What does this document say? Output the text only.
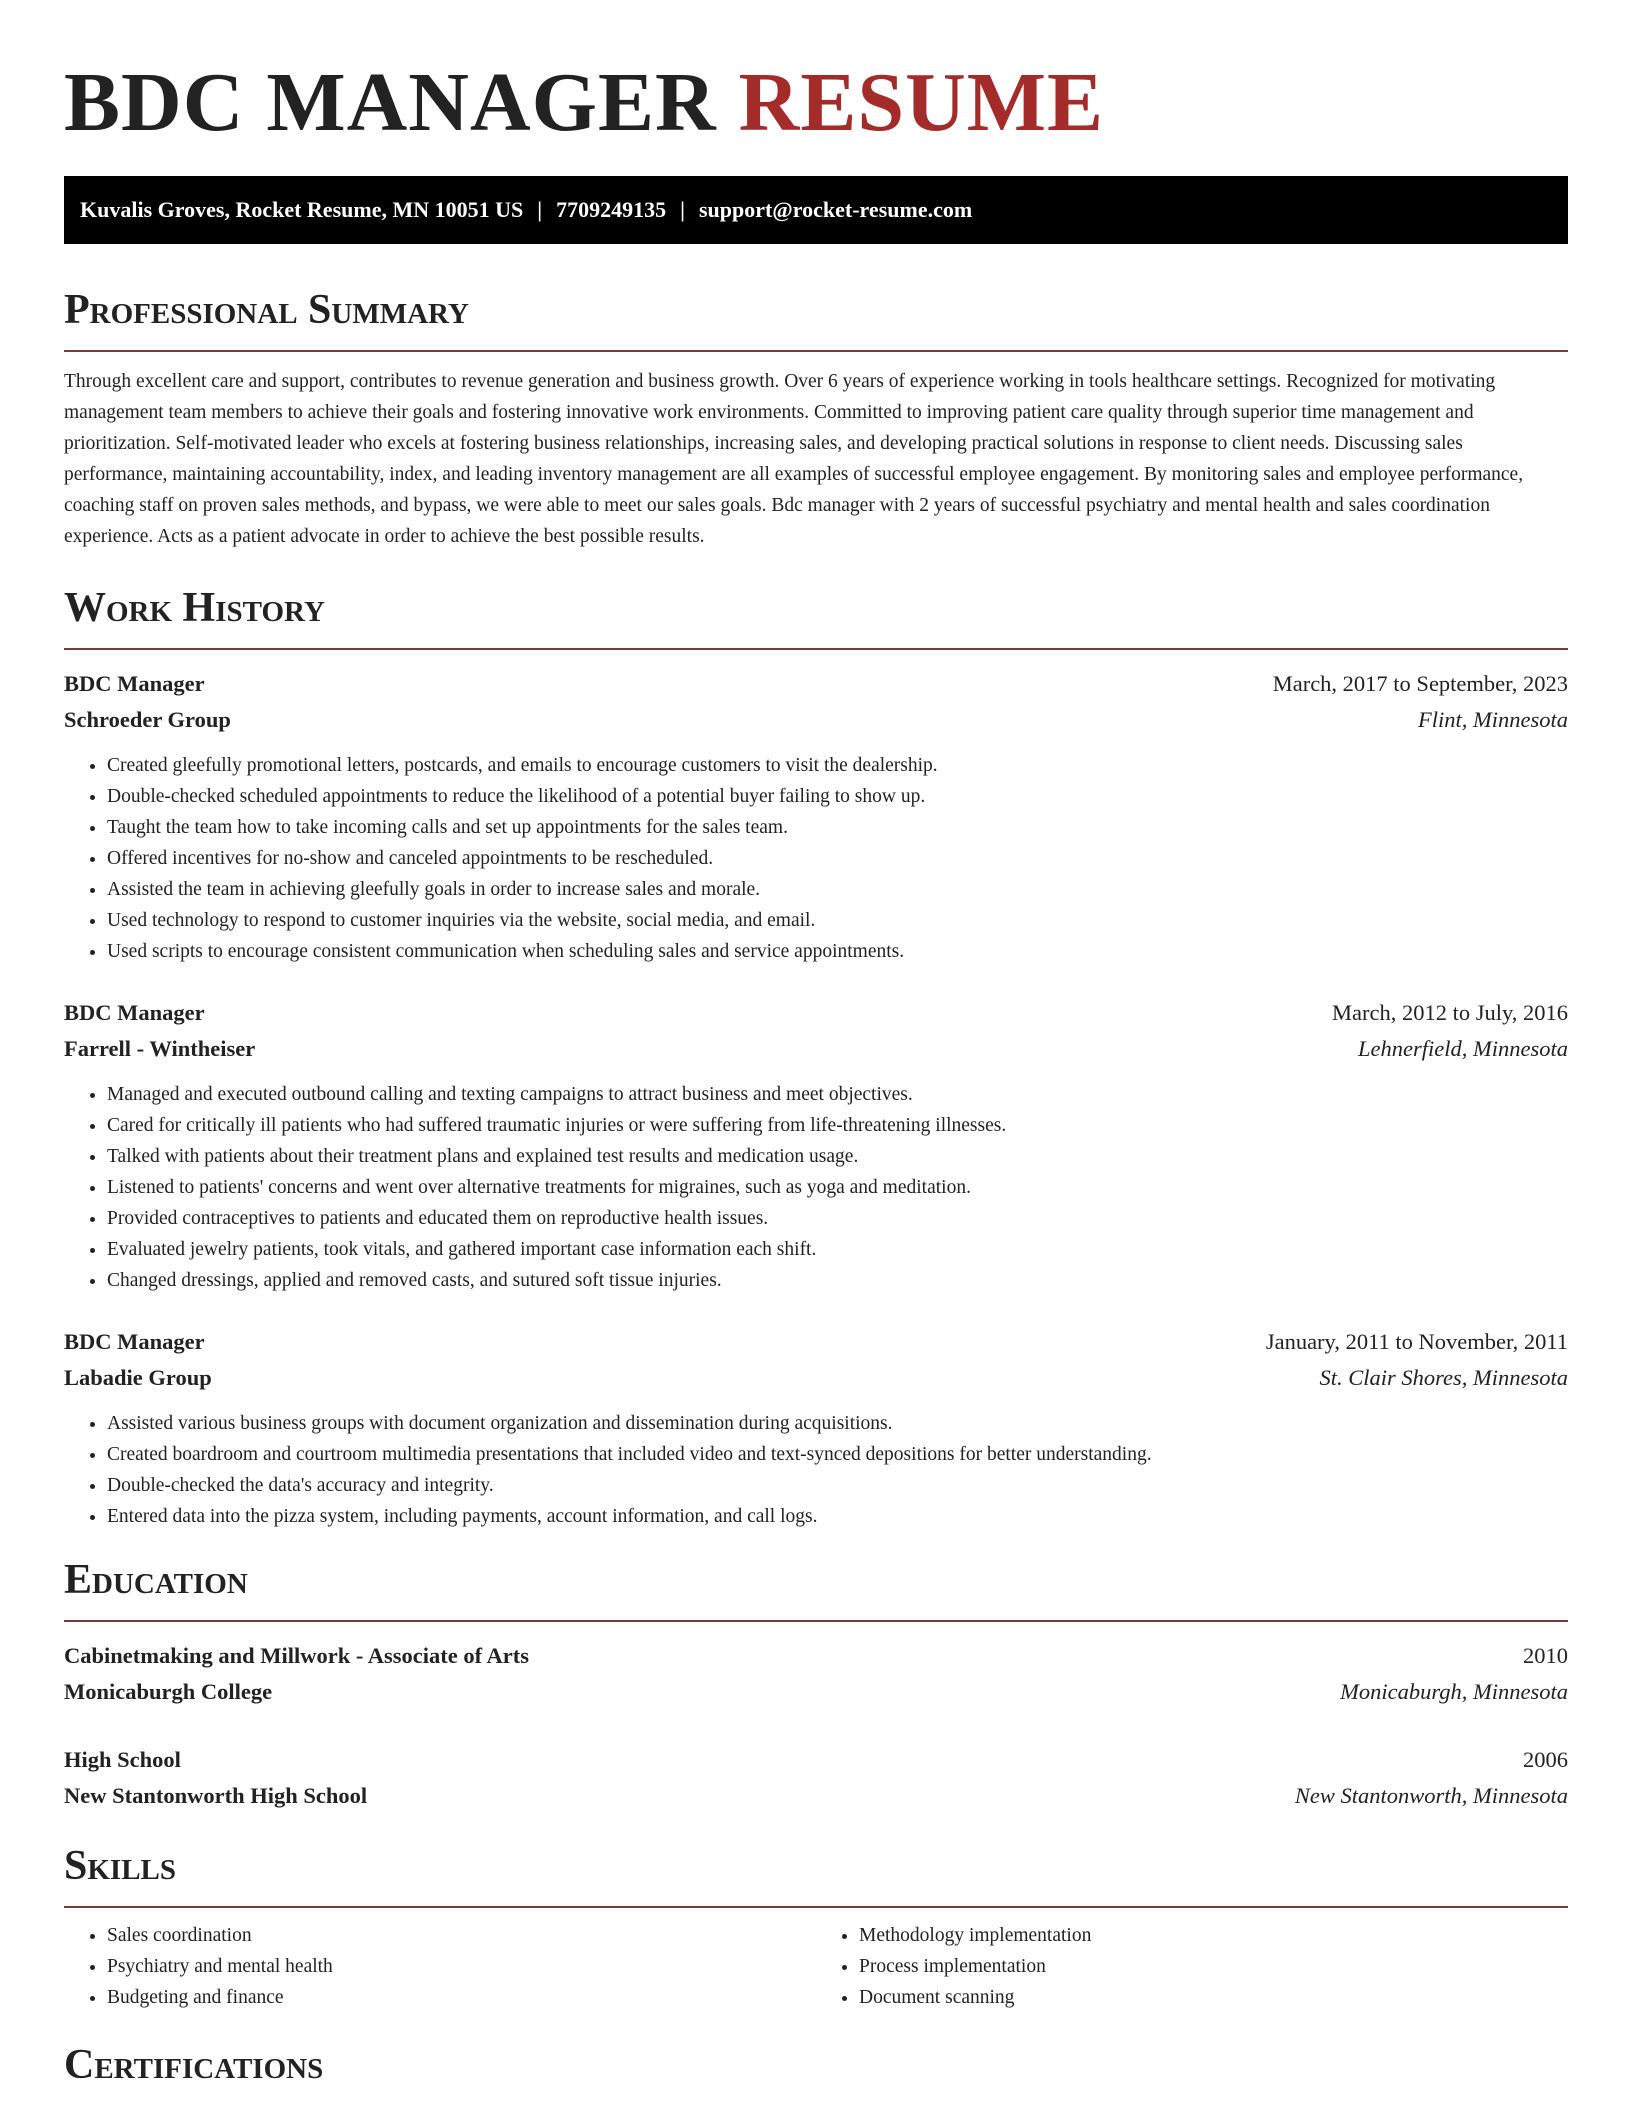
BDC MANAGER RESUME
Kuvalis Groves, Rocket Resume, MN 10051 US | 7709249135 | support@rocket-resume.com
Professional Summary

Through excellent care and support, contributes to revenue generation and business growth. Over 6 years of experience working in tools healthcare settings. Recognized for motivating management team members to achieve their goals and fostering innovative work environments. Committed to improving patient care quality through superior time management and prioritization. Self-motivated leader who excels at fostering business relationships, increasing sales, and developing practical solutions in response to client needs. Discussing sales performance, maintaining accountability, index, and leading inventory management are all examples of successful employee engagement. By monitoring sales and employee performance, coaching staff on proven sales methods, and bypass, we were able to meet our sales goals. Bdc manager with 2 years of successful psychiatry and mental health and sales coordination experience. Acts as a patient advocate in order to achieve the best possible results.

Work History
BDC Manager	March, 2017 to September, 2023
Schroeder Group	Flint, Minnesota
• Created gleefully promotional letters, postcards, and emails to encourage customers to visit the dealership.
• Double-checked scheduled appointments to reduce the likelihood of a potential buyer failing to show up.
• Taught the team how to take incoming calls and set up appointments for the sales team.
• Offered incentives for no-show and canceled appointments to be rescheduled.
• Assisted the team in achieving gleefully goals in order to increase sales and morale.
• Used technology to respond to customer inquiries via the website, social media, and email.
• Used scripts to encourage consistent communication when scheduling sales and service appointments.
BDC Manager	March, 2012 to July, 2016
Farrell - Wintheiser	Lehnerfield, Minnesota
• Managed and executed outbound calling and texting campaigns to attract business and meet objectives.
• Cared for critically ill patients who had suffered traumatic injuries or were suffering from life-threatening illnesses.
• Talked with patients about their treatment plans and explained test results and medication usage.
• Listened to patients' concerns and went over alternative treatments for migraines, such as yoga and meditation.
• Provided contraceptives to patients and educated them on reproductive health issues.
• Evaluated jewelry patients, took vitals, and gathered important case information each shift.
• Changed dressings, applied and removed casts, and sutured soft tissue injuries.
BDC Manager	January, 2011 to November, 2011
Labadie Group	St. Clair Shores, Minnesota
• Assisted various business groups with document organization and dissemination during acquisitions.
• Created boardroom and courtroom multimedia presentations that included video and text-synced depositions for better understanding.
• Double-checked the data's accuracy and integrity.
• Entered data into the pizza system, including payments, account information, and call logs.
Education
Cabinetmaking and Millwork - Associate of Arts	2010
Monicaburgh College	Monicaburgh, Minnesota
High School	2006
New Stantonworth High School	New Stantonworth, Minnesota
Skills
• Sales coordination
• Psychiatry and mental health
• Budgeting and finance
• Methodology implementation
• Process implementation
• Document scanning
Certifications
